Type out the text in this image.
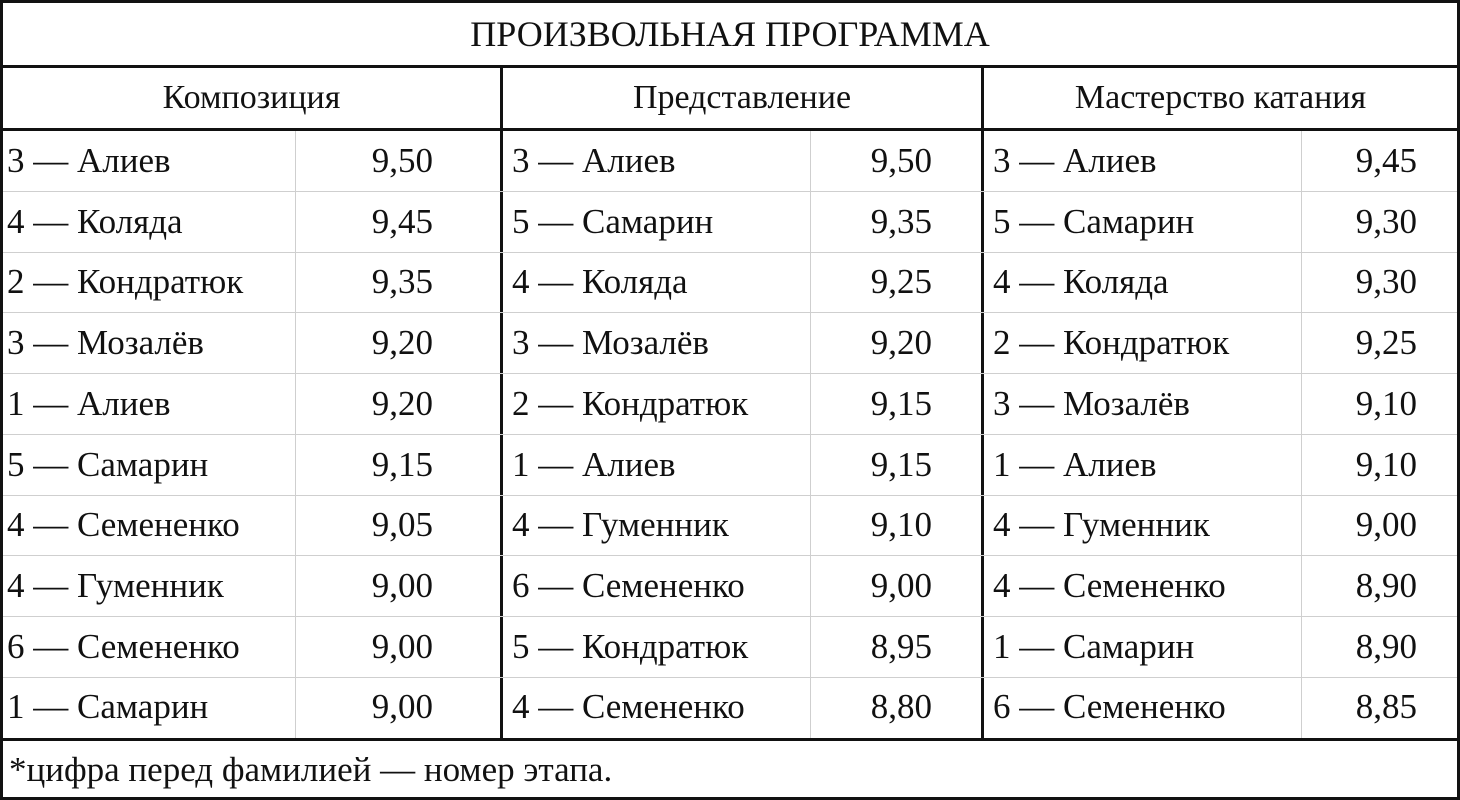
ПРОИЗВОЛЬНАЯ ПРОГРАММА
Композиция	Представление	Мастерство катания
3 — Алиев	9,50 3 — Алиев	9,50 3 — Алиев	9,45
4 — Коляда	9,45 5 — Самарин	9,35 5 — Самарин	9,30
2 — Кондратюк	9,35 4 — Коляда	9,25 4 — Коляда	9,30
3 — Мозалёв	9,20 3 — Мозалёв	9,20 2 — Кондратюк	9,25
1 — Алиев	9,20 2 — Кондратюк	9,15 3 — Мозалёв	9,10
5 — Самарин	9,15 1 — Алиев	9,15 1 — Алиев	9,10
4 — Семененко	9,05 4 — Гуменник	9,10 4 — Гуменник	9,00
4 — Гуменник	9,00 6 — Семененко	9,00 4 — Семененко	8,90
6 — Семененко	9,00 5 — Кондратюк	8,95 1 — Самарин	8,90
1 — Самарин	9,00 4 — Семененко	8,80 6 — Семененко	8,85
*цифра перед фамилией — номер этапа.
